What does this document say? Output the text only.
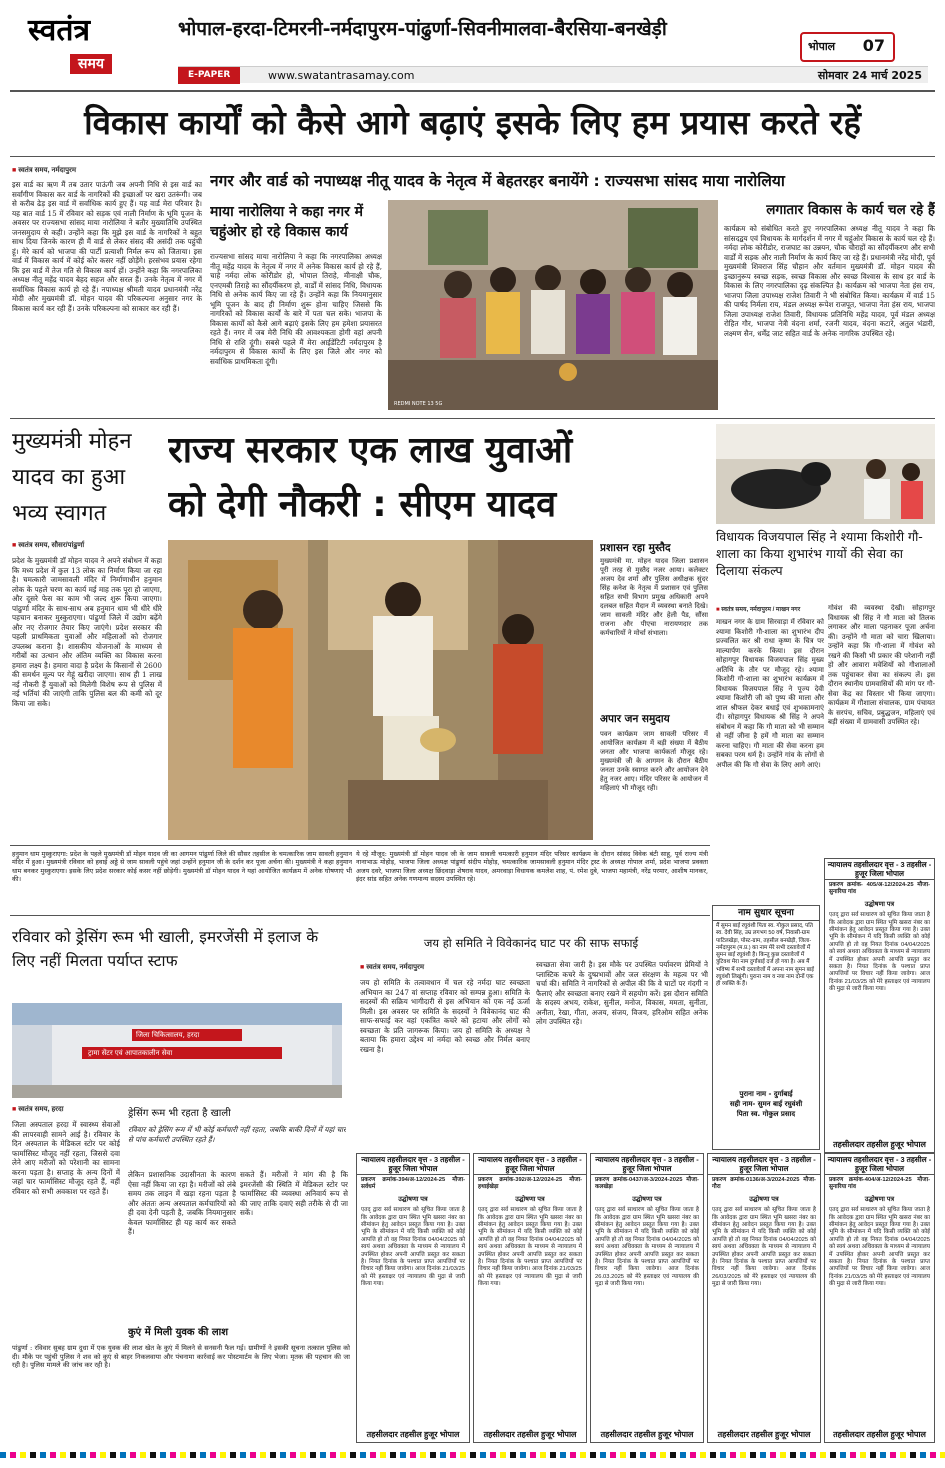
स्वतंत्र
समय
भोपाल-हरदा-टिमरनी-नर्मदापुरम-पांढुर्णा-सिवनीमालवा-बैरसिया-बनखेड़ी
भोपाल 07
E-PAPER	www.swatantrasamay.com	सोमवार 24 मार्च 2025
विकास कार्यों को कैसे आगे बढ़ाएं इसके लिए हम प्रयास करते रहें
■ स्वतंत्र समय, नर्मदापुरम
इस वार्ड का ऋण मैं तब उतार पाऊंगी जब अपनी निधि से इस वार्ड का सर्वांगीण विकास कर वार्ड के नागरिकों की इच्छाओं पर खरा उतरूंगी। जब से करीब ढेड़ इस वार्ड में सर्वाधिक कार्य हुए हैं। यह वार्ड मेरा परिवार है। यह बात वार्ड 15 में रविवार को सड़क एवं नाली निर्माण के भूमि पूजन के अवसर पर राज्यसभा सांसद माया नारोलिया ने बतौर मुख्यातिथि उपस्थित जनसमुदाय से कही। उन्होंने कहा कि मुझे इस वार्ड के नागरिकों ने बहुत साथ दिया जिनके कारण ही मैं वार्ड से लेकर संसद की असंदी तक पहुंची हूं। मेरे कार्य को भाजपा की पार्टी प्रत्याशी निर्मल रूप को जिताया। इस वार्ड में विकास कार्य में कोई कोर कसर नहीं छोड़ेंगे। हरसंभव प्रयास रहेगा कि इस वार्ड में तेज गति से विकास कार्य हों। उन्होंने कहा कि नगरपालिका अध्यक्ष नीतू महेंद्र यादव बेहद सहज और सरल हैं। उनके नेतृत्व में नगर में सर्वाधिक विकास कार्य हो रहे हैं। नपाध्यक्ष श्रीमती यादव प्रधानमंत्री नरेंद्र मोदी और मुख्यमंत्री डॉ. मोहन यादव की परिकल्पना अनुसार नगर के विकास कार्य कर रही हैं। उनके परिकल्पना को साकार कर रही हैं।
नगर और वार्ड को नपाध्यक्ष नीतू यादव के नेतृत्व में बेहतरहर बनायेंगे : राज्यसभा सांसद माया नारोलिया
माया नारोलिया ने कहा नगर में चहुंओर हो रहे विकास कार्य
राज्यसभा सांसद माया नारोलिया ने कहा कि नगरपालिका अध्यक्ष नीतू महेंद्र यादव के नेतृत्व में नगर में अनेक विकास कार्य हो रहे हैं, चाहे नर्मदा लोक कोरीडोर हो, भोपाल तिराहे, मीनाक्षी चौक, एनएमबी तिराहे का सौंदर्यीकरण हो, वार्डों में सांसद निधि, विधायक निधि से अनेक कार्य किए जा रहे हैं। उन्होंने कहा कि नियमानुसार भूमि पूजन के बाद ही निर्माण शुरू होना चाहिए जिससे कि नागरिकों को विकास कार्यों के बारे में पता चल सके। भाजपा के विकास कार्यों को कैसे आगे बढ़ाएं इसके लिए हम हमेशा प्रयासरत रहते हैं। नगर में जब मेरी निधि की आवश्यकता होगी वहां अपनी निधि से राशि दूंगी। सबसे पहले मैं मेरा आईडेंटिटी नर्मदापुरम है नर्मदापुरम से विकास कार्यों के लिए इस जिले और नगर को सर्वाधिक प्राथमिकता दूंगी।
REDMI NOTE 13 5G
लगातार विकास के कार्य चल रहे हैं
कार्यक्रम को संबोधित करते हुए नगरपालिका अध्यक्ष नीतू यादव ने कहा कि सांसदद्वय एवं विधायक के मार्गदर्शन में नगर में चहुंओर विकास के कार्य चल रहे हैं। नर्मदा लोक कोरीडोर, राजघाट का उन्नयन, चौक चौराहों का सौंदर्यीकरण और सभी वार्डों में सड़क और नाली निर्माण के कार्य किए जा रहे हैं। प्रधानमंत्री नरेंद्र मोदी, पूर्व मुख्यमंत्री शिवराज सिंह चौहान और वर्तमान मुख्यमंत्री डॉ. मोहन यादव की इच्छानुरूप स्वच्छ सड़क, स्वच्छ विकास और स्वच्छ विश्वास के साथ हर वार्ड के विकास के लिए नगरपालिका दृढ़ संकल्पित है। कार्यक्रम को भाजपा नेता हंस राय, भाजपा जिला उपाध्यक्ष राजेश तिवारी ने भी संबोधित किया। कार्यक्रम में वार्ड 15 की पार्षद निर्मला राय, मंडल अध्यक्ष रूपेश राजपूत, भाजपा नेता हंस राय, भाजपा जिला उपाध्यक्ष राजेश तिवारी, विधायक प्रतिनिधि महेंद्र यादव, पूर्व मंडल अध्यक्ष रोहित गौर, भाजपा नेत्री वंदना शर्मा, रजनी यादव, वंदना कटारे, अतुल भंडारी, लक्ष्मण सैन, धर्मेंद्र जाट सहित वार्ड के अनेक नागरिक उपस्थित रहे।
मुख्यमंत्री मोहन यादव का हुआ भव्य स्वागत
राज्य सरकार एक लाख युवाओं
को देगी नौकरी : सीएम यादव
■ स्वतंत्र समय, सौसर/पांढुर्णा
प्रदेश के मुख्यमंत्री डॉ मोहन यादव ने अपने संबोधन में कहा कि मध्य प्रदेश में कुल 13 लोक का निर्माण किया जा रहा है। चमत्कारी जामसावली मंदिर में निर्माणाधीन हनुमान लोक के पहले चरण का कार्य मई माह तक पूरा हो जाएगा, और दूसरे फेस का काम भी जल्द शुरू किया जाएगा। पांढुर्णा मंदिर के साथ-साथ अब हनुमान धाम भी धीरे धीरे पहचान बनाकर मुस्कुराएगा। पांढुर्णा जिले में उद्योग बढ़ेंगे और नए रोजगार तैयार किए जाएंगे। प्रदेश सरकार की पहली प्राथमिकता युवाओं और महिलाओं को रोजगार उपलब्ध कराना है। शासकीय योजनाओं के माध्यम से गरीबों का उत्थान और अंतिम व्यक्ति का विकास करना हमारा लक्ष्य है। हमारा वादा है प्रदेश के किसानों से 2600 की समर्थन मूल्य पर गेहूं खरीदा जाएगा। साथ ही 1 लाख नई नौकरी हैं युवाओं को मिलेगी विशेष रूप से पुलिस में नई भर्तियां की जाएंगी ताकि पुलिस बल की कमी को दूर किया जा सके।
प्रशासन रहा मुस्तैद
मुख्यमंत्री मा. मोहन यादव जिला प्रशासन पूरी तरह से मुस्तैद नजर आया। कलेक्टर अजय देव शर्मा और पुलिस अधीक्षक सुंदर सिंह कनेश के नेतृत्व में प्रशासन एवं पुलिस सहित सभी विभाग प्रमुख अधिकारी अपने दलबल सहित मैदान में व्यवस्था बनाते दिखे। जाम सावली मंदिर और हेली पैड, सौंसा राजना और पीएचा नारायणदार तक कर्मचारियों ने मोर्चा संभाला।
अपार जन समुदाय
पवन कार्यक्रम जाम सावली परिसर में आयोजित कार्यक्रम में बड़ी संख्या में बैठीय जनता और भाजपा कार्यकर्ता मौजूद रहे। मुख्यमंत्री जी के आगमन के दौरान बैठीय जनता उनके स्वागत करने और आयोजन देने हेतु नजर आए। मंदिर परिसर के आयोजन में महिलाएं भी मौजूद रही।
विधायक विजयपाल सिंह ने श्यामा किशोरी गौ-शाला का किया शुभारंभ गायों की सेवा का दिलाया संकल्प
■ स्वतंत्र समय, नर्मदापुरम / माखन नगर
माखन नगर के ग्राम सिरवाड़ा में रविवार को श्यामा किशोरी गौ-शाला का शुभारंभ दीप प्रज्वलित कर श्री राधा कृष्ण के चित्र पर माल्यार्पण करके किया। इस दौरान सोहागपुर विधायक विजयपाल सिंह मुख्य अतिथि के तौर पर मौजूद रहे। श्यामा किशोरी गौ-शाला का शुभारंभ कार्यक्रम में विधायक विजयपाल सिंह ने पूज्य देवी श्यामा किशोरी जी को पुष्प की माला और शाल श्रीफल देकर बधाई एवं शुभकामनाएं दी। सोहागपुर विधायक श्री सिंह ने अपने संबोधन में कहा कि गौ माता को भी सम्मान से नहीं जीना है हमें गौ माता का सम्मान करना चाहिए। गौ माता की सेवा करना हम सबका परम धर्म है। उन्होंने गांव के लोगों से अपील की कि गौ सेवा के लिए आगे आएं।
गोवंश की व्यवस्था देखी। सोहागपुर विधायक श्री सिंह ने गौ माता को तिलक लगाकर और माला पहनाकर पूजा अर्चना की। उन्होंने गौ माता को चारा खिलाया। उन्होंने कहा कि गौ-शाला में गोवंश को रखने की किसी भी प्रकार की परेशानी नहीं हो और आवारा मवेशियों को गौशालाओं तक पहुंचाकर सेवा का संकल्प लें। इस दौरान स्थानीय ग्रामवासियों की मांग पर गौ-सेवा केंद्र का विस्तार भी किया जाएगा। कार्यक्रम में गौशाला संचालक, ग्राम पंचायत के सरपंच, सचिव, प्रबुद्धजन, महिलाएं एवं बड़ी संख्या में ग्रामवासी उपस्थित रहे।
हनुमान धाम मुस्कुराएगा: प्रदेश के पहले मुख्यमंत्री डॉ मोहन यादव जी का आगमन पांढुर्णा जिले की सौसर तहसील के चमत्कारिक जाम सावली हनुमान मंदिर में हुआ। मुख्यमंत्री रविवार को हवाई अड्डे से जाम सावली पहुंचे जहां उन्होंने हनुमान जी के दर्शन कर पूजा अर्चना की। मुख्यमंत्री ने कहा हनुमान धाम बनकर मुस्कुराएगा। इसके लिए प्रदेश सरकार कोई कसर नहीं छोड़ेगी। मुख्यमंत्री डॉ मोहन यादव ने यहां आयोजित कार्यक्रम में अनेक घोषणाएं भी की।
ये रहे मौजूद: मुख्यमंत्री डॉ मोहन यादव जी के जाम सावली चमत्कारी हनुमान मंदिर परिसर कार्यक्रम के दौरान सांसद विवेक बंटी साहू, पूर्व राज्य मंत्री नानाभाऊ मोहोड़, भाजपा जिला अध्यक्ष पांढुर्णा संदीप मोहोड़, चमत्कारिक जामसावली हनुमान मंदिर ट्रस्ट के अध्यक्ष गोपाल शर्मा, प्रदेश भाजपा प्रवक्ता अजय दवरे, भाजपा जिला अध्यक्ष छिंदवाड़ा शेषराव यादव, अमरवाड़ा विधायक कमलेश शाह, पं. रमेश दुबे, भाजपा महामंत्री, नरेंद्र परमार, आशीष मानकर, इंदर सांड सहित अनेक गणमान्य सदस्य उपस्थित रहे।
रविवार को ड्रेसिंग रूम भी खाली, इमरजेंसी में इलाज के लिए नहीं मिलता पर्याप्त स्टाफ
जिला चिकित्सालय, हरदा
ट्रामा सेंटर एवं आपातकालीन सेवा
■ स्वतंत्र समय, हरदा
जिला अस्पताल हरदा में स्वास्थ्य सेवाओं की लापरवाही सामने आई है। रविवार के दिन अस्पताल के मेडिकल स्टोर पर कोई फार्मासिस्ट मौजूद नहीं रहता, जिससे दवा लेने आए मरीजों को परेशानी का सामना करना पड़ता है। सप्ताह के अन्य दिनों में जहां चार फार्मासिस्ट मौजूद रहते हैं, वहीं रविवार को सभी अवकाश पर रहते हैं।
ड्रेसिंग रूम भी रहता है खाली
रविवार को ड्रेसिंग रूम में भी कोई कर्मचारी नहीं रहता, जबकि बाकी दिनों में यहां चार से पांच कर्मचारी उपस्थित रहते हैं।
लेकिन प्रशासनिक उदासीनता के कारण ऐसा नहीं किया जा रहा है। मरीजों को लंबे समय तक लाइन में खड़ा रहना पड़ता है और अंततः अन्य अस्पताल कर्मचारियों को ही दवा देनी पड़ती है, जबकि नियमानुसार केवल फार्मासिस्ट ही यह कार्य कर सकते हैं।
सकते हैं। मरीजों ने मांग की है कि इमरजेंसी की स्थिति में मेडिकल स्टोर पर फार्मासिस्ट की व्यवस्था अनिवार्य रूप से की जाए ताकि दवाएं सही तरीके से दी जा सकें।
कुएं में मिली युवक की लाश
पांढुर्णा : रविवार सुबह ग्राम दुधा में एक युवक की लाश खेत के कुएं में मिलने से सनसनी फैल गई। ग्रामीणों ने इसकी सूचना तत्काल पुलिस को दी। मौके पर पहुंची पुलिस ने शव को कुएं से बाहर निकलवाया और पंचनामा कार्रवाई कर पोस्टमार्टम के लिए भेजा। मृतक की पहचान की जा रही है। पुलिस मामले की जांच कर रही है।
जय हो समिति ने विवेकानंद घाट पर की साफ सफाई
■ स्वतंत्र समय, नर्मदापुरम
जय हो समिति के तत्वावधान में चल रहे नर्मदा घाट स्वच्छता अभियान का 247 वां सप्ताह रविवार को सम्पन्न हुआ। समिति के सदस्यों की सक्रिय भागीदारी से इस अभियान को एक नई ऊर्जा मिली। इस अवसर पर समिति के सदस्यों ने विवेकानंद घाट की साफ-सफाई कर वहां एकत्रित कचरे को हटाया और लोगों को स्वच्छता के प्रति जागरूक किया। जय हो समिति के अध्यक्ष ने बताया कि हमारा उद्देश्य मां नर्मदा को स्वच्छ और निर्मल बनाए रखना है।
स्वच्छता सेवा जारी है। इस मौके पर उपस्थित पर्यावरण प्रेमियों ने प्लास्टिक कचरे के दुष्प्रभावों और जल संरक्षण के महत्व पर भी चर्चा की। समिति ने नागरिकों से अपील की कि वे घाटों पर गंदगी न फैलाएं और स्वच्छता बनाए रखने में सहयोग करें। इस दौरान समिति के सदस्य अभय, राकेश, सुनील, मनोज, विकास, ममता, सुनीता, अनीता, रेखा, गीता, अजय, संजय, विजय, हरिओम सहित अनेक लोग उपस्थित रहे।
नाम सुधार सूचना
मैं सुमन बाई रघुवंशी पिता स्व. गोकुल प्रसाद, पति स्व. देवी सिंह, उम्र लगभग 50 वर्ष, निवासी-ग्राम पाटिलखेड़ा, पोस्ट-ग्राम, तहसील बनखेड़ी, जिला-नर्मदापुरम (म.प्र.) का नाम मेरे सभी दस्तावेजों में सुमन बाई रघुवंशी है। किन्तु कुछ दस्तावेजों में त्रुटिवश मेरा नाम दुर्गाबाई दर्ज हो गया है। अब मैं भविष्य में सभी दस्तावेजों में अपना नाम सुमन बाई रघुवंशी लिखूंगी। पुराना नाम व नया नाम दोनों एक ही व्यक्ति के हैं।
पुराना नाम - दुर्गाबाई
सही नाम- सुमन बाई रघुवंशी
पिता स्व. गोकुल प्रसाद
न्यायालय तहसीलदार वृत्त - 3 तहसील - हुजूर जिला भोपाल
प्रकरण क्रमांक- 405/अ-12/2024-25 मौजा-सुनारिया गांव
उद्घोषणा पत्र
एतद् द्वारा सर्व साधारण को सूचित किया जाता है कि आवेदक द्वारा ग्राम स्थित भूमि खसरा नंबर का सीमांकन हेतु आवेदन प्रस्तुत किया गया है। उक्त भूमि के सीमांकन में यदि किसी व्यक्ति को कोई आपत्ति हो तो वह नियत दिनांक 04/04/2025 को स्वयं अथवा अधिवक्ता के माध्यम से न्यायालय में उपस्थित होकर अपनी आपत्ति प्रस्तुत कर सकता है। नियत दिनांक के पश्चात प्राप्त आपत्तियों पर विचार नहीं किया जावेगा। आज दिनांक 21/03/25 को मेरे हस्ताक्षर एवं न्यायालय की मुद्रा से जारी किया गया।
तहसीलदार तहसील हुजूर भोपाल
न्यायालय तहसीलदार वृत्त - 3 तहसील - हुजूर जिला भोपाल
प्रकरण क्रमांक-394/अ-12/2024-25 मौजा-सर्वधर्म
उद्घोषणा पत्र
एतद् द्वारा सर्व साधारण को सूचित किया जाता है कि आवेदक द्वारा ग्राम स्थित भूमि खसरा नंबर का सीमांकन हेतु आवेदन प्रस्तुत किया गया है। उक्त भूमि के सीमांकन में यदि किसी व्यक्ति को कोई आपत्ति हो तो वह नियत दिनांक 04/04/2025 को स्वयं अथवा अधिवक्ता के माध्यम से न्यायालय में उपस्थित होकर अपनी आपत्ति प्रस्तुत कर सकता है। नियत दिनांक के पश्चात प्राप्त आपत्तियों पर विचार नहीं किया जावेगा। आज दिनांक 21/03/25 को मेरे हस्ताक्षर एवं न्यायालय की मुद्रा से जारी किया गया।
तहसीलदार तहसील हुजूर भोपाल
न्यायालय तहसीलदार वृत्त - 3 तहसील - हुजूर जिला भोपाल
प्रकरण क्रमांक-392/अ-12/2024-25 मौजा-हथाईखेड़ा
उद्घोषणा पत्र
एतद् द्वारा सर्व साधारण को सूचित किया जाता है कि आवेदक द्वारा ग्राम स्थित भूमि खसरा नंबर का सीमांकन हेतु आवेदन प्रस्तुत किया गया है। उक्त भूमि के सीमांकन में यदि किसी व्यक्ति को कोई आपत्ति हो तो वह नियत दिनांक 04/04/2025 को स्वयं अथवा अधिवक्ता के माध्यम से न्यायालय में उपस्थित होकर अपनी आपत्ति प्रस्तुत कर सकता है। नियत दिनांक के पश्चात प्राप्त आपत्तियों पर विचार नहीं किया जावेगा। आज दिनांक 21/03/25 को मेरे हस्ताक्षर एवं न्यायालय की मुद्रा से जारी किया गया।
तहसीलदार तहसील हुजूर भोपाल
न्यायालय तहसीलदार वृत्त - 3 तहसील - हुजूर जिला भोपाल
प्रकरण क्रमांक-0437/अ-3/2024-2025 मौजा-कलखेड़ा
उद्घोषणा पत्र
एतद् द्वारा सर्व साधारण को सूचित किया जाता है कि आवेदक द्वारा ग्राम स्थित भूमि खसरा नंबर का सीमांकन हेतु आवेदन प्रस्तुत किया गया है। उक्त भूमि के सीमांकन में यदि किसी व्यक्ति को कोई आपत्ति हो तो वह नियत दिनांक 04/04/2025 को स्वयं अथवा अधिवक्ता के माध्यम से न्यायालय में उपस्थित होकर अपनी आपत्ति प्रस्तुत कर सकता है। नियत दिनांक के पश्चात प्राप्त आपत्तियों पर विचार नहीं किया जावेगा। आज दिनांक 26.03.2025 को मेरे हस्ताक्षर एवं न्यायालय की मुद्रा से जारी किया गया।
तहसीलदार तहसील हुजूर भोपाल
न्यायालय तहसीलदार वृत्त - 3 तहसील - हुजूर जिला भोपाल
प्रकरण क्रमांक-0136/अ-3/2024-2025 मौजा-गौरा
उद्घोषणा पत्र
एतद् द्वारा सर्व साधारण को सूचित किया जाता है कि आवेदक द्वारा ग्राम स्थित भूमि खसरा नंबर का सीमांकन हेतु आवेदन प्रस्तुत किया गया है। उक्त भूमि के सीमांकन में यदि किसी व्यक्ति को कोई आपत्ति हो तो वह नियत दिनांक 04/04/2025 को स्वयं अथवा अधिवक्ता के माध्यम से न्यायालय में उपस्थित होकर अपनी आपत्ति प्रस्तुत कर सकता है। नियत दिनांक के पश्चात प्राप्त आपत्तियों पर विचार नहीं किया जावेगा। आज दिनांक 26/03/2025 को मेरे हस्ताक्षर एवं न्यायालय की मुद्रा से जारी किया गया।
तहसीलदार तहसील हुजूर भोपाल
न्यायालय तहसीलदार वृत्त - 3 तहसील - हुजूर जिला भोपाल
प्रकरण क्रमांक-404/अ-12/2024-25 मौजा-सुनारिया गांव
उद्घोषणा पत्र
एतद् द्वारा सर्व साधारण को सूचित किया जाता है कि आवेदक द्वारा ग्राम स्थित भूमि खसरा नंबर का सीमांकन हेतु आवेदन प्रस्तुत किया गया है। उक्त भूमि के सीमांकन में यदि किसी व्यक्ति को कोई आपत्ति हो तो वह नियत दिनांक 04/04/2025 को स्वयं अथवा अधिवक्ता के माध्यम से न्यायालय में उपस्थित होकर अपनी आपत्ति प्रस्तुत कर सकता है। नियत दिनांक के पश्चात प्राप्त आपत्तियों पर विचार नहीं किया जावेगा। आज दिनांक 21/03/25 को मेरे हस्ताक्षर एवं न्यायालय की मुद्रा से जारी किया गया।
तहसीलदार तहसील हुजूर भोपाल
